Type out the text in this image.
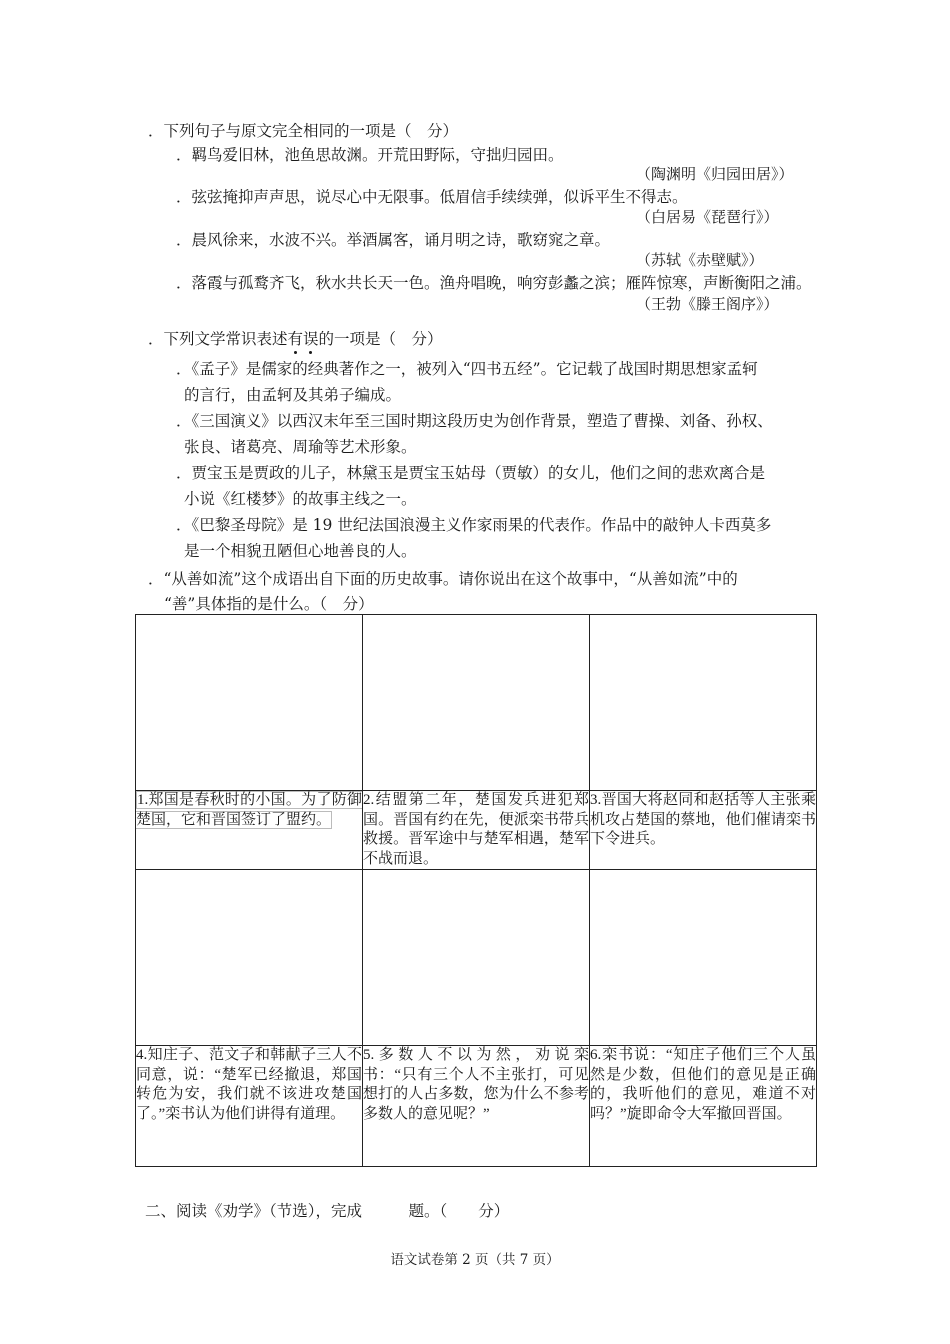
．下列句子与原文完全相同的一项是（　分）
．羁鸟爱旧林，池鱼思故渊。开荒田野际，守拙归园田。
（陶渊明《归园田居》）
．弦弦掩抑声声思，说尽心中无限事。低眉信手续续弹，似诉平生不得志。
（白居易《琵琶行》）
．晨风徐来，水波不兴。举酒属客，诵月明之诗，歌窈窕之章。
（苏轼《赤壁赋》）
．落霞与孤鹜齐飞，秋水共长天一色。渔舟唱晚，响穷彭蠡之滨；雁阵惊寒，声断衡阳之浦。
（王勃《滕王阁序》）
．下列文学常识表述有误的一项是（　分）
．《孟子》是儒家的经典著作之一，被列入“四书五经”。它记载了战国时期思想家孟轲
的言行，由孟轲及其弟子编成。
．《三国演义》以西汉末年至三国时期这段历史为创作背景，塑造了曹操、刘备、孙权、
张良、诸葛亮、周瑜等艺术形象。
．贾宝玉是贾政的儿子，林黛玉是贾宝玉姑母（贾敏）的女儿，他们之间的悲欢离合是
小说《红楼梦》的故事主线之一。
．《巴黎圣母院》是 19 世纪法国浪漫主义作家雨果的代表作。作品中的敲钟人卡西莫多
是一个相貌丑陋但心地善良的人。
．“从善如流”这个成语出自下面的历史故事。请你说出在这个故事中，“从善如流”中的
“善”具体指的是什么。（　分）

1.郑国是春秋时的小国。为了防御楚国，它和晋国签订了盟约。	2.结盟第二年，楚国发兵进犯郑国。晋国有约在先，便派栾书带兵救援。晋军途中与楚军相遇，楚军不战而退。	3.晋国大将赵同和赵括等人主张乘机攻占楚国的蔡地，他们催请栾书下令进兵。

4.知庄子、范文子和韩献子三人不同意，说：“楚军已经撤退，郑国转危为安，我们就不该进攻楚国了。”栾书认为他们讲得有道理。	5.多数人不以为然，劝说栾书：“只有三个人不主张打，可见想打的人占多数，您为什么不参考多数人的意见呢？”	6.栾书说：“知庄子他们三个人虽然是少数，但他们的意见是正确的，我听他们的意见，难道不对吗？”旋即命令大军撤回晋国。
二、阅读《劝学》（节选），完成　　　题。（　　分）
语文试卷第 2 页（共 7 页）
